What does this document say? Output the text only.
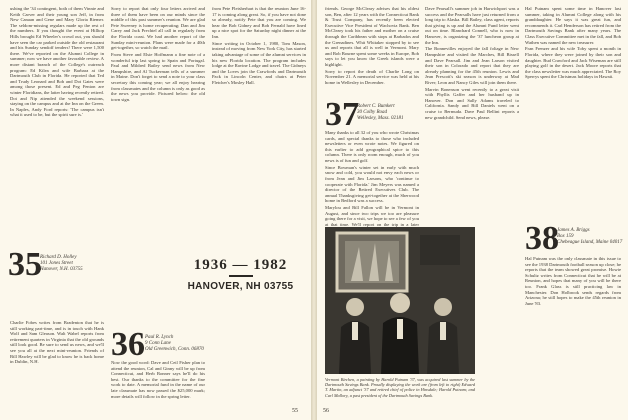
ushing the '34 contingent, both of them Vinnie and Keith Carver and their young son Jeff, in from New Canaan and Gene and Mary Gloria Riemer. The seldom-missing regulars made up the rest of the numbers. If you thought the event at Hilltop Hills brought Ed Wheeler's crowd out, you should have seen the car parked outside the old restaurant and his Sunday sendoff tenders! There were 1,500 there. We've reported on the Alumni College in summer; now we have another favorable review. A more distant branch of the College's outreach program: Ed Kilea and wife Barbara at the Dartmouth Club in Florida. He reported that Ted and Trudy Leonard and Bob and Dot Gates were among those present. Ed and Peg Fenton are winter Floridians, the latter having recently retired. Dot and Nip attended the weekend sessions, staying on the campus and at the Inn on the Green. In Naples, Andy Ford reports: 'The campus isn't what it used to be, but the spirit sure is.'

Charlie Fobes writes from Bradenton that he is still working part-time, and is in touch with Hank Wolf and Sam Gleason. Walt Wabel reports from retirement quarters in Virginia that the old grounds still look good. Be sure to send us news, and we'll see you all at the next mini-reunion. Friends of Bill Hawley will be glad to know he is back home in Dublin, N.H.

35
Richard D. Holley
101 Jones Street
Hanover, N.H. 03755

Sorry to report that only four letters arrived and three of them have been on our minds since the middle of this past summer's reunion. We are glad Pete Sweeney is home recuperating; Dan and Jim Carey and Jack Prechtel all call in regularly from the Florida coast. We had another report of the Sunday mini-reunion. Plans were made for a 40th get-together, so watch the mail.

From Steve and Elsie Hoffmann a fine note of a wonderful trip last spring to Spain and Portugal. Paul and Mildred Bailey send news from New Hampshire, and Al Tuckerman tells of a summer in Maine. Don't forget to send a note to your class secretary this coming year; we all enjoy hearing from classmates and the column is only as good as the news you provide. Pictured below: the old town sign.

1936 — 1982
HANOVER, NH 03755
36 Paul R. Lynch
9 Conn Lane
Old Greenwich, Conn. 06870

Now the good word: Dave and Ceil Fisher plan to attend the reunion, Cal and Ginny will be up from Connecticut, and Herb Bonner says he'll do his best. Our thanks to the committee for the fine work to date. A memorial fund in the name of our late classmate has now passed the $25,000 mark; more details will follow in the spring letter.

from Pete Fleisherhart is that the reunion June 16-17 is coming along great. So, if you have not done so already, notify Pete that you are coming. We hear the Bob Gidney and Bob Fernald have lined up a nice spot for the Saturday night dinner at the Inn.

Since writing in October 1, 1980, Tom Mason, instead of moving from New York City, has started taking advantage of some of the alumni services in his new Florida location. The program includes lodge at the Ravine Lodge and travel. The Gidneys and the Loves join the Crawfords and Dartmouth Pack in Lincoln Center, and chairs at Peter Fletcher's Mosley Hall.

55

friends. George McCleary advises that his oldest son, Ben, after 12 years with the Connecticut Bank & Trust Company, has recently been elected Executive Vice President of Wachovia Bank. Ben McCleary took his father and mother on a cruise through the Caribbean with stops at Barbados and the Grenadines. Whit Whitaker stopped by to see us and reports that all is well in Vermont. Mary and Bob Bourne spent some weeks in Europe, Bob says to let you know the Greek islands were a highlight.

Sorry to report the death of Charlie Long on November 21. A memorial service was held at his home in Wellesley in December.

37
Robert C. Bumkert
30 Colby Road
Wellesley, Mass. 02181

Many thanks to all 32 of you who wrote Christmas cards, and special thanks to those who included newsletters or even wrote notes. We figured on this earlier to add geographical spice to this column. There is only room enough, much of you news is of fun and golf.

Since Bowman's winter set in early with much snow and cold, you would not envy each news or from Jean and Jim Larsons, who 'continue to cooperate with Florida.' Jim Meyers was named a director of the Retired Executives Club. The annual Thanksgiving get-together at the Sherwood home in Bedford was a success.

Marylou and Bill Fallon will be in Vermont in August, and since two trips we too are pleasure going there for a visit, we hope to see a few of you at that time. We'll report on the trip in a later

Dave Pearsall's summer job in Harwichport was a success and the Pearsalls have just returned from a long trip to Alaska. Bill Bailey, class agent, reports that giving is up and the Alumni Fund letter went out on time. Blanchard Connell, who is now in Hanover, is organizing the '37 luncheon group at the Inn.

The Bonnevilles enjoyed the fall foliage in New Hampshire and visited the Marches, Bill Bissell and Dave Pearsall. Jim and Jean Larson visited their son in Colorado and report that they are already planning for the 45th reunion. Lewis and Jean Prescott's ski season is underway at Mad River; Leon and Nancy Giles will join them there.

Marvin Bonenson went recently to a great visit with Phyllis Gaffer and her husband up in Hanover. Don and Sally Adams traveled to California. Sandy and Bill Daniels went on a cruise to Bermuda. Dave Paul Bellini reports a new grandchild. Send news, please.

Hal Putnam spent some time in Hanover last summer, taking in Alumni College along with his granddaughter. He says it was great fun, and recommends it. Carl Henderson has retired from the Dartmouth Savings Bank after many years. The Class Executive Committee met in the fall, and Bob Wathen was named the new treasurer.

Fran Frenzer and his wife Toby spent a month in Florida, where they were joined by their son and daughter. Bud Crawford and Jack Wiseman are still playing golf in the desert. Jack Moore reports that the class newsletter was much appreciated. The Roy Sperrys spent the Christmas holidays in Hawaii.

38
James A. Briggs
Box 159
Chebeague Island, Maine 04017

Hal Putnam was the only classmate in this issue to see the 1938 Dartmouth football season up close; he reports that the team showed great promise. Howie Schultz writes from Connecticut that he will be at Reunion, and hopes that many of you will be there too. Frank Glass is still practicing law in Manchester. Don Holbrook sends regards from Arizona; he still hopes to make the 45th reunion in June '83.

56
Vermont Birchen, a painting by Harold Putnam '37, was acquired last summer by the Dartmouth Savings Bank. Proudly displaying the work are (from left to right) Edward T. Martin, an adjunct '37 and retired chief of police in Hinsdale; Harold Putnam; and Carl Mallory, a past president of the Dartmouth Savings Bank.
